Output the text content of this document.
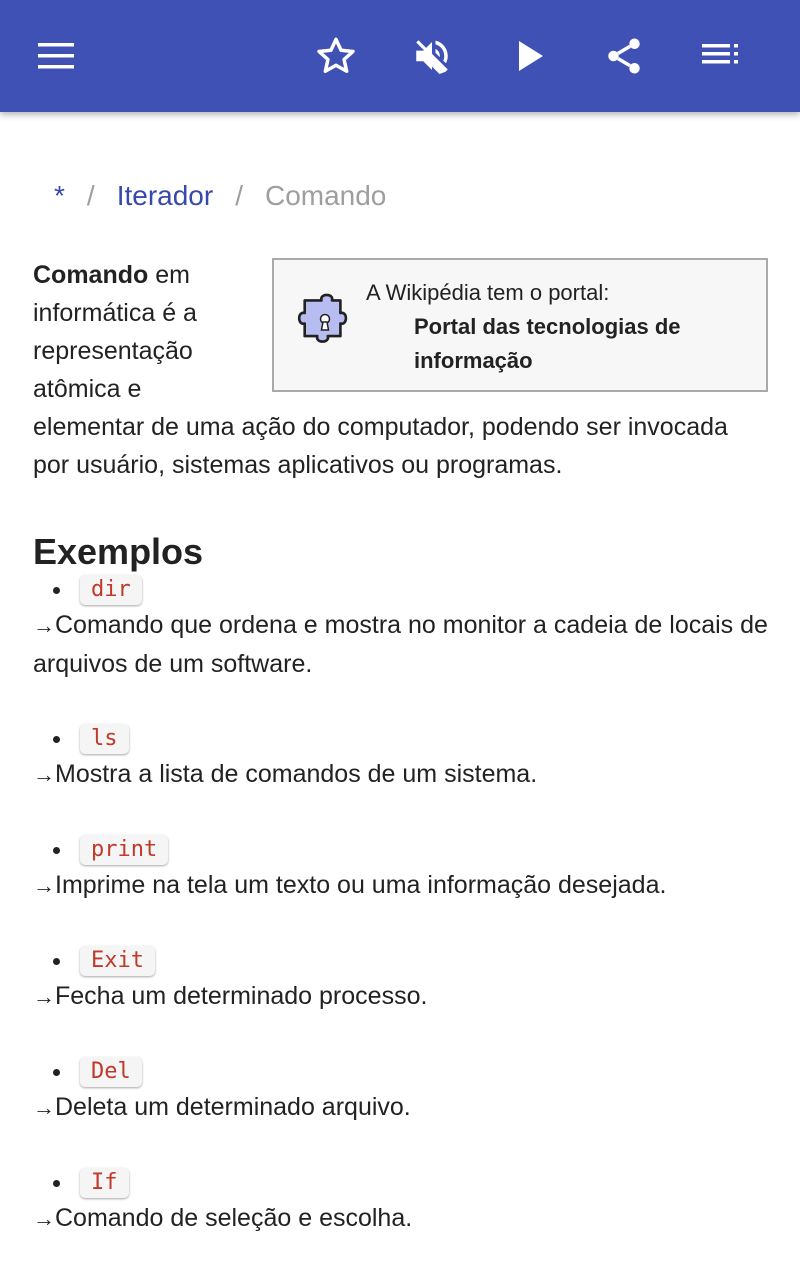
* / Iterador / Comando
A Wikipédia tem o portal:
Portal das tecnologias de informação

Comando em informática é a representação atômica e elementar de uma ação do computador, podendo ser invocada por usuário, sistemas aplicativos ou programas.

Exemplos
dir

→Comando que ordena e mostra no monitor a cadeia de locais de arquivos de um software.

ls

→Mostra a lista de comandos de um sistema.

print

→Imprime na tela um texto ou uma informação desejada.

Exit

→Fecha um determinado processo.

Del

→Deleta um determinado arquivo.

If

→Comando de seleção e escolha.
